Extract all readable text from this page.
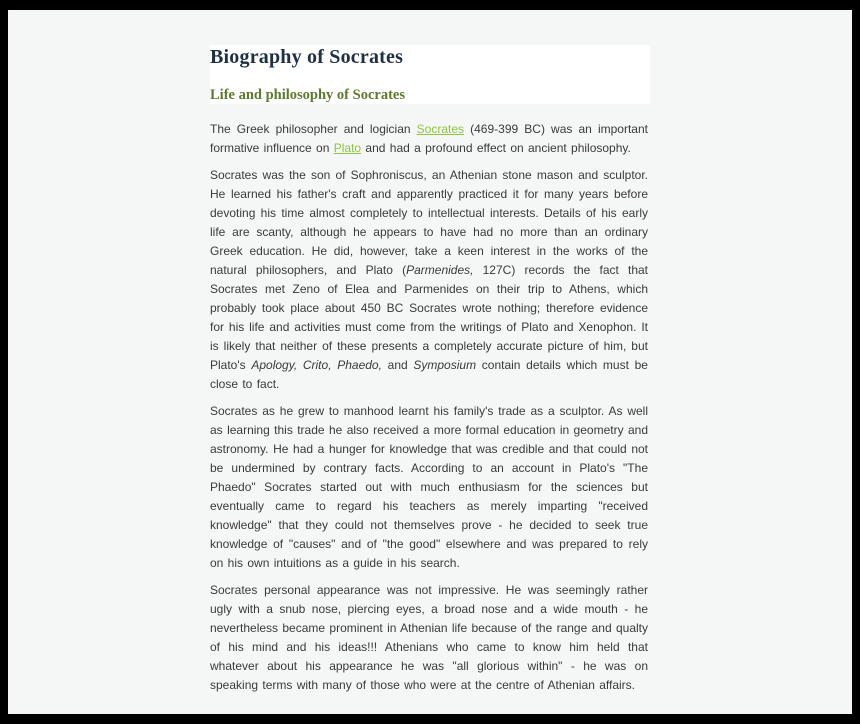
Biography of Socrates
Life and philosophy of Socrates

The Greek philosopher and logician Socrates (469-399 BC) was an important formative influence on Plato and had a profound effect on ancient philosophy.

Socrates was the son of Sophroniscus, an Athenian stone mason and sculptor. He learned his father's craft and apparently practiced it for many years before devoting his time almost completely to intellectual interests. Details of his early life are scanty, although he appears to have had no more than an ordinary Greek education. He did, however, take a keen interest in the works of the natural philosophers, and Plato (Parmenides, 127C) records the fact that Socrates met Zeno of Elea and Parmenides on their trip to Athens, which probably took place about 450 BC Socrates wrote nothing; therefore evidence for his life and activities must come from the writings of Plato and Xenophon. It is likely that neither of these presents a completely accurate picture of him, but Plato's Apology, Crito, Phaedo, and Symposium contain details which must be close to fact.

Socrates as he grew to manhood learnt his family's trade as a sculptor. As well as learning this trade he also received a more formal education in geometry and astronomy. He had a hunger for knowledge that was credible and that could not be undermined by contrary facts. According to an account in Plato's "The Phaedo" Socrates started out with much enthusiasm for the sciences but eventually came to regard his teachers as merely imparting "received knowledge" that they could not themselves prove - he decided to seek true knowledge of "causes" and of "the good" elsewhere and was prepared to rely on his own intuitions as a guide in his search.

Socrates personal appearance was not impressive. He was seemingly rather ugly with a snub nose, piercing eyes, a broad nose and a wide mouth - he nevertheless became prominent in Athenian life because of the range and qualty of his mind and his ideas!!! Athenians who came to know him held that whatever about his appearance he was "all glorious within" - he was on speaking terms with many of those who were at the centre of Athenian affairs.
